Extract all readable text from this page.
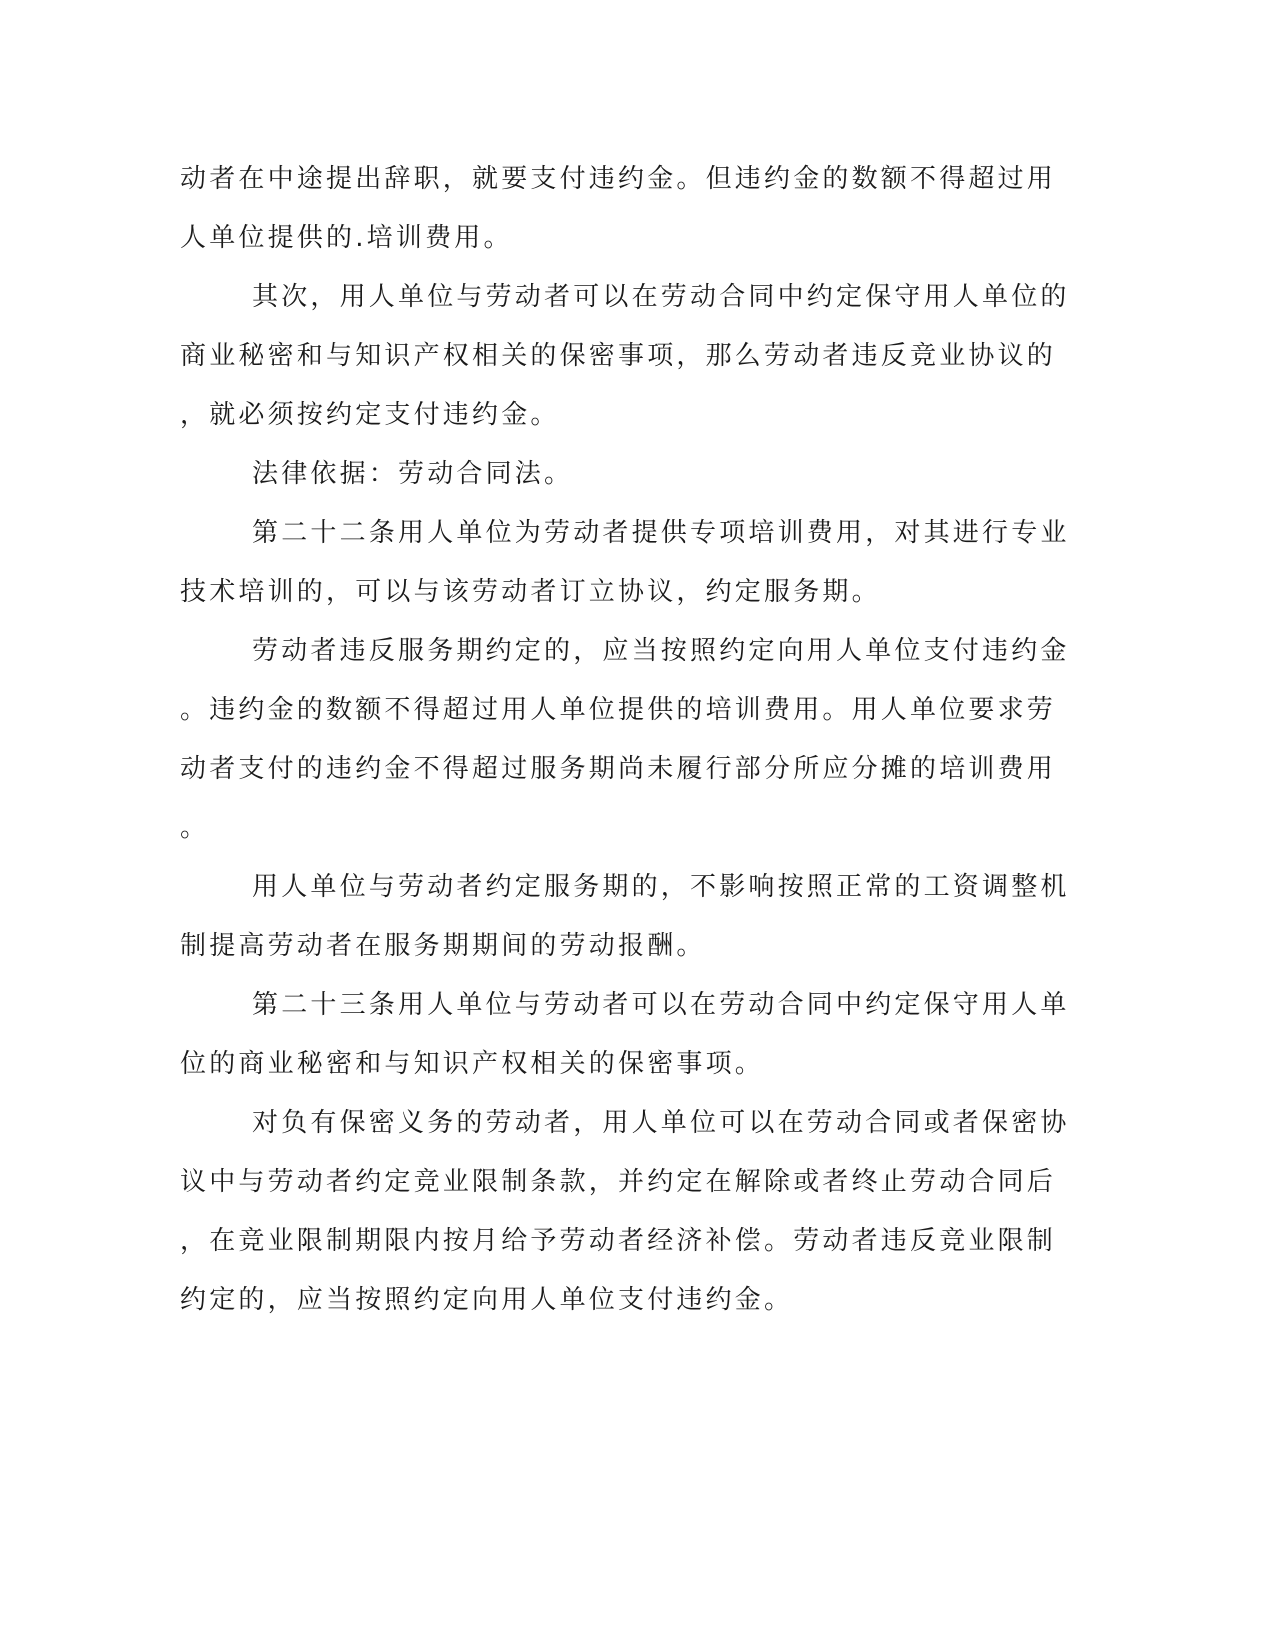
动者在中途提出辞职，就要支付违约金。但违约金的数额不得超过用
人单位提供的.培训费用。
其次，用人单位与劳动者可以在劳动合同中约定保守用人单位的
商业秘密和与知识产权相关的保密事项，那么劳动者违反竞业协议的
，就必须按约定支付违约金。
法律依据：劳动合同法。
第二十二条用人单位为劳动者提供专项培训费用，对其进行专业
技术培训的，可以与该劳动者订立协议，约定服务期。
劳动者违反服务期约定的，应当按照约定向用人单位支付违约金
。违约金的数额不得超过用人单位提供的培训费用。用人单位要求劳
动者支付的违约金不得超过服务期尚未履行部分所应分摊的培训费用
。
用人单位与劳动者约定服务期的，不影响按照正常的工资调整机
制提高劳动者在服务期期间的劳动报酬。
第二十三条用人单位与劳动者可以在劳动合同中约定保守用人单
位的商业秘密和与知识产权相关的保密事项。
对负有保密义务的劳动者，用人单位可以在劳动合同或者保密协
议中与劳动者约定竞业限制条款，并约定在解除或者终止劳动合同后
，在竞业限制期限内按月给予劳动者经济补偿。劳动者违反竞业限制
约定的，应当按照约定向用人单位支付违约金。
